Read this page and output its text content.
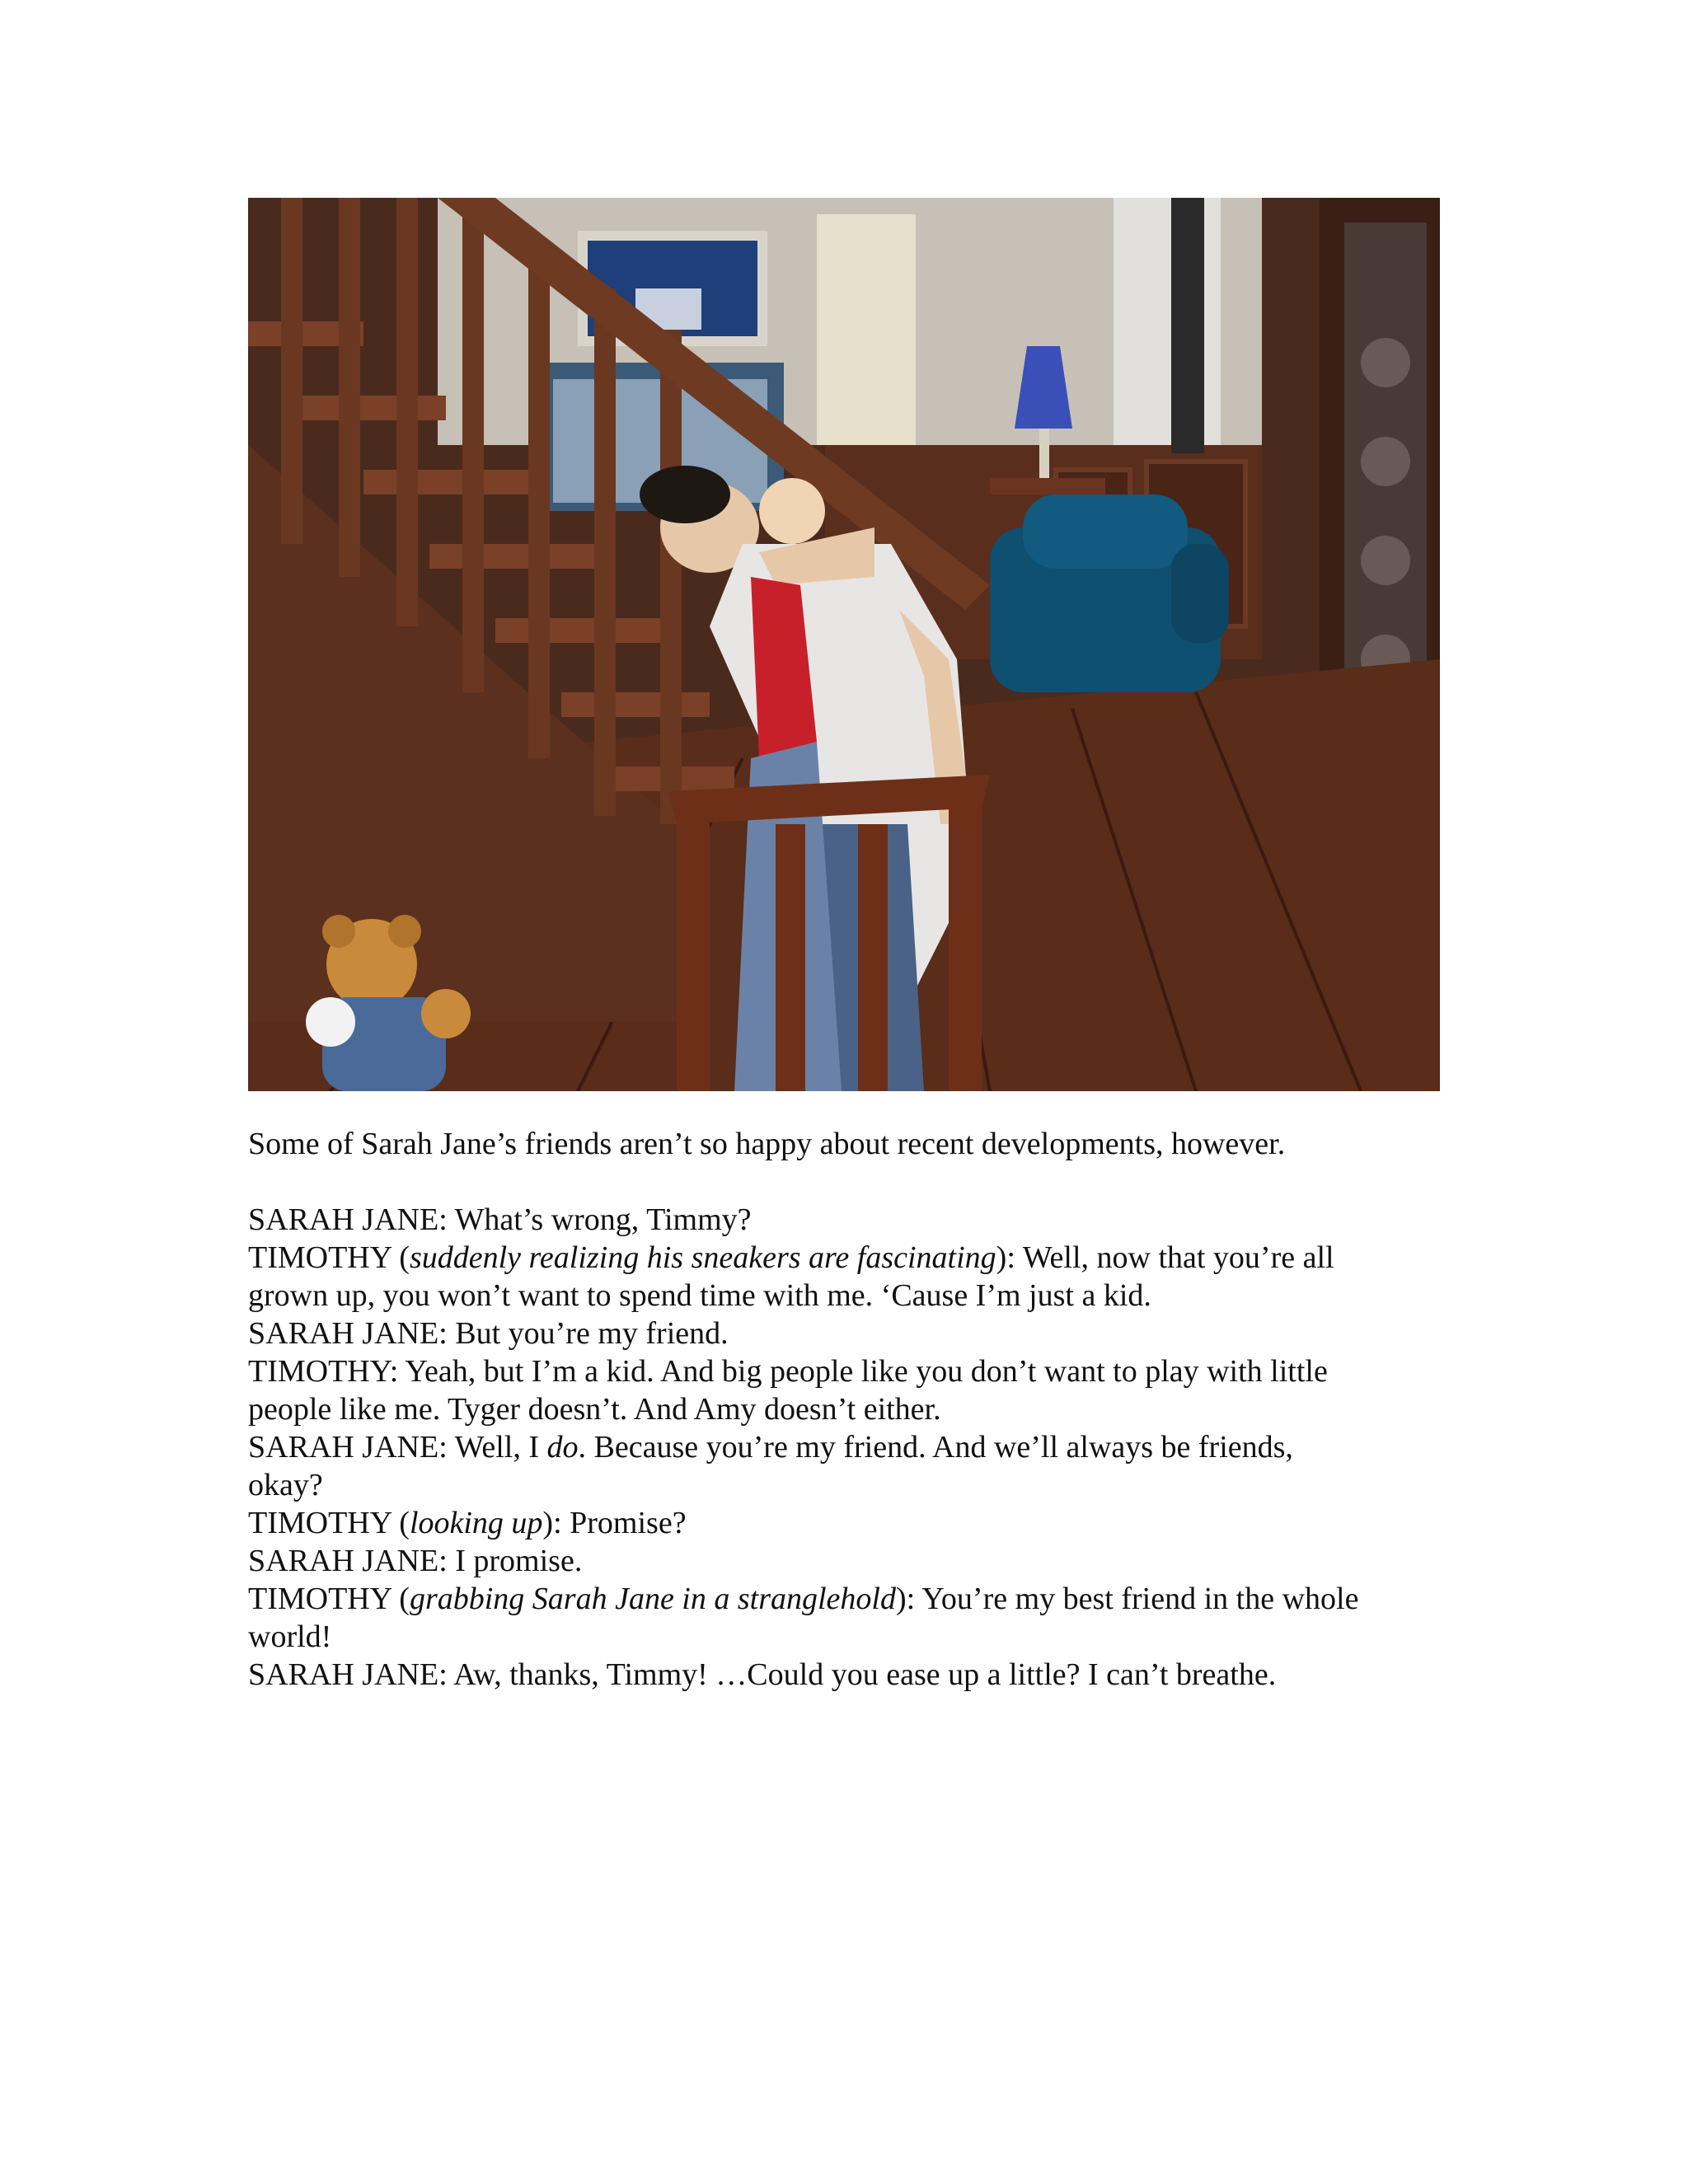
Some of Sarah Jane’s friends aren’t so happy about recent developments, however.

SARAH JANE: What’s wrong, Timmy?

TIMOTHY (suddenly realizing his sneakers are fascinating): Well, now that you’re all

grown up, you won’t want to spend time with me. ‘Cause I’m just a kid.

SARAH JANE: But you’re my friend.

TIMOTHY: Yeah, but I’m a kid. And big people like you don’t want to play with little

people like me. Tyger doesn’t. And Amy doesn’t either.

SARAH JANE: Well, I do. Because you’re my friend. And we’ll always be friends,

okay?

TIMOTHY (looking up): Promise?

SARAH JANE: I promise.

TIMOTHY (grabbing Sarah Jane in a stranglehold): You’re my best friend in the whole

world!

SARAH JANE: Aw, thanks, Timmy! …Could you ease up a little? I can’t breathe.
